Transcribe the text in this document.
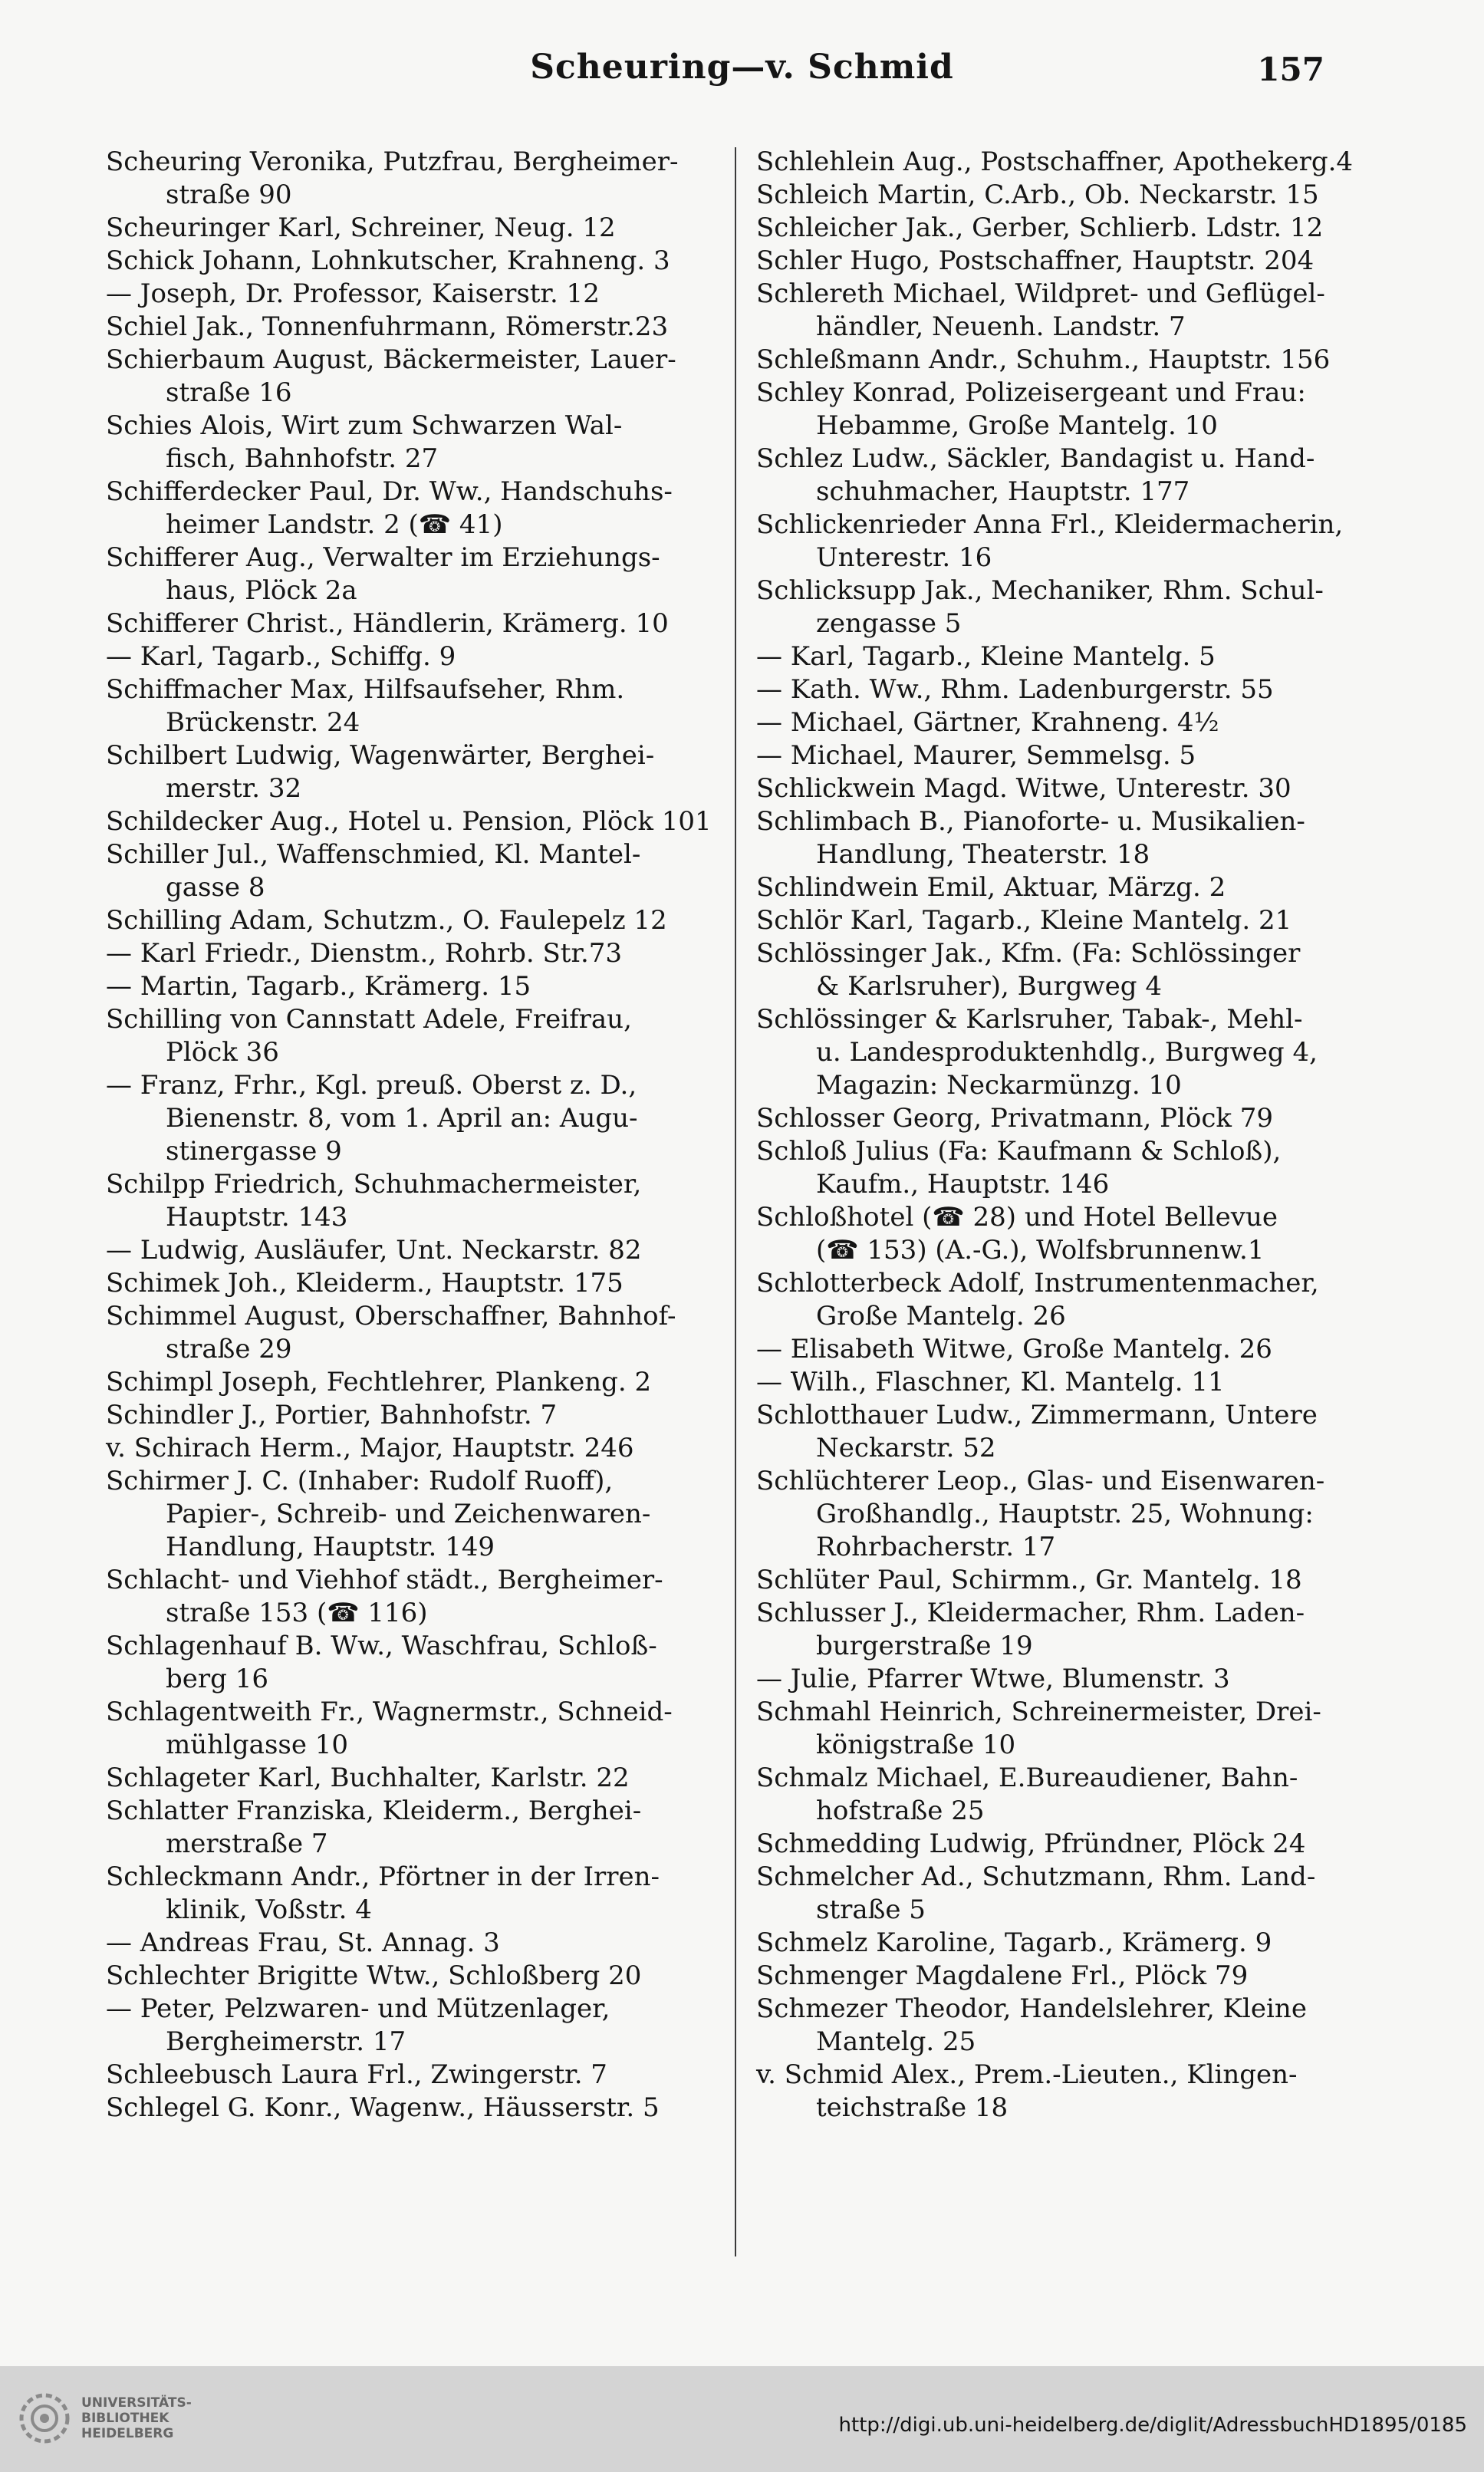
Scheuring—v. Schmid	157
Scheuring Veronika, Putzfrau, Bergheimer-
straße 90
Scheuringer Karl, Schreiner, Neug. 12
Schick Johann, Lohnkutscher, Krahneng. 3
— Joseph, Dr. Professor, Kaiserstr. 12
Schiel Jak., Tonnenfuhrmann, Römerstr.23
Schierbaum August, Bäckermeister, Lauer-
straße 16
Schies Alois, Wirt zum Schwarzen Wal-
fisch, Bahnhofstr. 27
Schifferdecker Paul, Dr. Ww., Handschuhs-
heimer Landstr. 2 (☎ 41)
Schifferer Aug., Verwalter im Erziehungs-
haus, Plöck 2a
Schifferer Christ., Händlerin, Krämerg. 10
— Karl, Tagarb., Schiffg. 9
Schiffmacher Max, Hilfsaufseher, Rhm.
Brückenstr. 24
Schilbert Ludwig, Wagenwärter, Berghei-
merstr. 32
Schildecker Aug., Hotel u. Pension, Plöck 101
Schiller Jul., Waffenschmied, Kl. Mantel-
gasse 8
Schilling Adam, Schutzm., O. Faulepelz 12
— Karl Friedr., Dienstm., Rohrb. Str.73
— Martin, Tagarb., Krämerg. 15
Schilling von Cannstatt Adele, Freifrau,
Plöck 36
— Franz, Frhr., Kgl. preuß. Oberst z. D.,
Bienenstr. 8, vom 1. April an: Augu-
stinergasse 9
Schilpp Friedrich, Schuhmachermeister,
Hauptstr. 143
— Ludwig, Ausläufer, Unt. Neckarstr. 82
Schimek Joh., Kleiderm., Hauptstr. 175
Schimmel August, Oberschaffner, Bahnhof-
straße 29
Schimpl Joseph, Fechtlehrer, Plankeng. 2
Schindler J., Portier, Bahnhofstr. 7
v. Schirach Herm., Major, Hauptstr. 246
Schirmer J. C. (Inhaber: Rudolf Ruoff),
Papier-, Schreib- und Zeichenwaren-
Handlung, Hauptstr. 149
Schlacht- und Viehhof städt., Bergheimer-
straße 153 (☎ 116)
Schlagenhauf B. Ww., Waschfrau, Schloß-
berg 16
Schlagentweith Fr., Wagnermstr., Schneid-
mühlgasse 10
Schlageter Karl, Buchhalter, Karlstr. 22
Schlatter Franziska, Kleiderm., Berghei-
merstraße 7
Schleckmann Andr., Pförtner in der Irren-
klinik, Voßstr. 4
— Andreas Frau, St. Annag. 3
Schlechter Brigitte Wtw., Schloßberg 20
— Peter, Pelzwaren- und Mützenlager,
Bergheimerstr. 17
Schleebusch Laura Frl., Zwingerstr. 7
Schlegel G. Konr., Wagenw., Häusserstr. 5
Schlehlein Aug., Postschaffner, Apothekerg.4
Schleich Martin, C.Arb., Ob. Neckarstr. 15
Schleicher Jak., Gerber, Schlierb. Ldstr. 12
Schler Hugo, Postschaffner, Hauptstr. 204
Schlereth Michael, Wildpret- und Geflügel-
händler, Neuenh. Landstr. 7
Schleßmann Andr., Schuhm., Hauptstr. 156
Schley Konrad, Polizeisergeant und Frau:
Hebamme, Große Mantelg. 10
Schlez Ludw., Säckler, Bandagist u. Hand-
schuhmacher, Hauptstr. 177
Schlickenrieder Anna Frl., Kleidermacherin,
Unterestr. 16
Schlicksupp Jak., Mechaniker, Rhm. Schul-
zengasse 5
— Karl, Tagarb., Kleine Mantelg. 5
— Kath. Ww., Rhm. Ladenburgerstr. 55
— Michael, Gärtner, Krahneng. 4½
— Michael, Maurer, Semmelsg. 5
Schlickwein Magd. Witwe, Unterestr. 30
Schlimbach B., Pianoforte- u. Musikalien-
Handlung, Theaterstr. 18
Schlindwein Emil, Aktuar, Märzg. 2
Schlör Karl, Tagarb., Kleine Mantelg. 21
Schlössinger Jak., Kfm. (Fa: Schlössinger
& Karlsruher), Burgweg 4
Schlössinger & Karlsruher, Tabak-, Mehl-
u. Landesproduktenhdlg., Burgweg 4,
Magazin: Neckarmünzg. 10
Schlosser Georg, Privatmann, Plöck 79
Schloß Julius (Fa: Kaufmann & Schloß),
Kaufm., Hauptstr. 146
Schloßhotel (☎ 28) und Hotel Bellevue
(☎ 153) (A.-G.), Wolfsbrunnenw.1
Schlotterbeck Adolf, Instrumentenmacher,
Große Mantelg. 26
— Elisabeth Witwe, Große Mantelg. 26
— Wilh., Flaschner, Kl. Mantelg. 11
Schlotthauer Ludw., Zimmermann, Untere
Neckarstr. 52
Schlüchterer Leop., Glas- und Eisenwaren-
Großhandlg., Hauptstr. 25, Wohnung:
Rohrbacherstr. 17
Schlüter Paul, Schirmm., Gr. Mantelg. 18
Schlusser J., Kleidermacher, Rhm. Laden-
burgerstraße 19
— Julie, Pfarrer Wtwe, Blumenstr. 3
Schmahl Heinrich, Schreinermeister, Drei-
königstraße 10
Schmalz Michael, E.Bureaudiener, Bahn-
hofstraße 25
Schmedding Ludwig, Pfründner, Plöck 24
Schmelcher Ad., Schutzmann, Rhm. Land-
straße 5
Schmelz Karoline, Tagarb., Krämerg. 9
Schmenger Magdalene Frl., Plöck 79
Schmezer Theodor, Handelslehrer, Kleine
Mantelg. 25
v. Schmid Alex., Prem.-Lieuten., Klingen-
teichstraße 18
UNIVERSITÄTS-
BIBLIOTHEK
HEIDELBERG	http://digi.ub.uni-heidelberg.de/diglit/AdressbuchHD1895/0185
